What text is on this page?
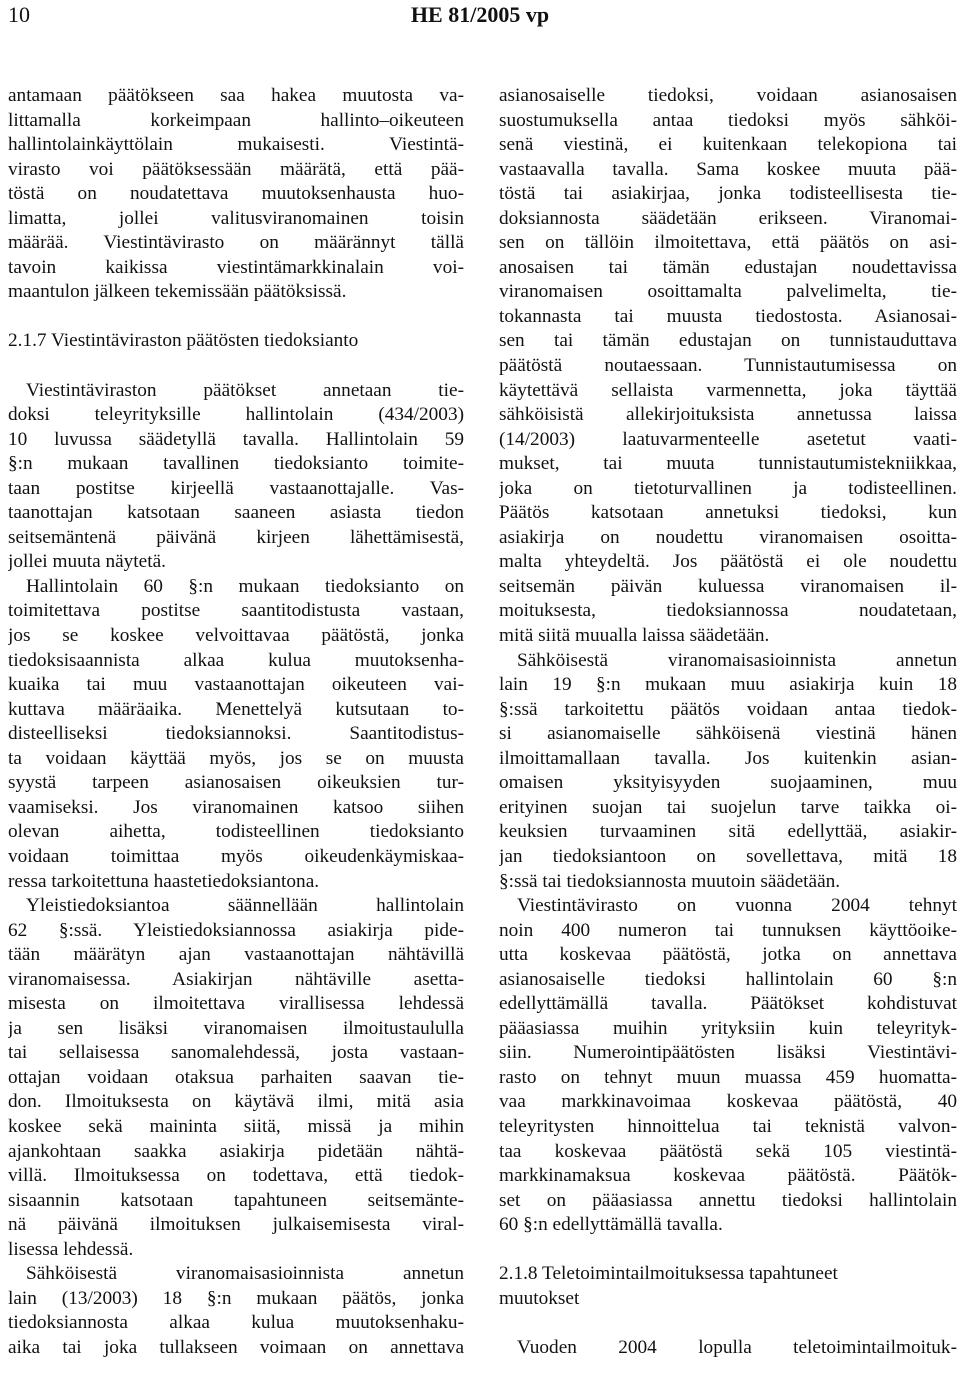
10	HE 81/2005 vp
antamaan päätökseen saa hakea muutosta va-
littamalla korkeimpaan hallinto–oikeuteen
hallintolainkäyttölain mukaisesti. Viestintä-
virasto voi päätöksessään määrätä, että pää-
töstä on noudatettava muutoksenhausta huo-
limatta, jollei valitusviranomainen toisin
määrää. Viestintävirasto on määrännyt tällä
tavoin kaikissa viestintämarkkinalain voi-
maantulon jälkeen tekemissään päätöksissä.
2.1.7 Viestintäviraston päätösten tiedoksianto
Viestintäviraston päätökset annetaan tie-
doksi teleyrityksille hallintolain (434/2003)
10 luvussa säädetyllä tavalla. Hallintolain 59
§:n mukaan tavallinen tiedoksianto toimite-
taan postitse kirjeellä vastaanottajalle. Vas-
taanottajan katsotaan saaneen asiasta tiedon
seitsemäntenä päivänä kirjeen lähettämisestä,
jollei muuta näytetä.
Hallintolain 60 §:n mukaan tiedoksianto on
toimitettava postitse saantitodistusta vastaan,
jos se koskee velvoittavaa päätöstä, jonka
tiedoksisaannista alkaa kulua muutoksenha-
kuaika tai muu vastaanottajan oikeuteen vai-
kuttava määräaika. Menettelyä kutsutaan to-
disteelliseksi tiedoksiannoksi. Saantitodistus-
ta voidaan käyttää myös, jos se on muusta
syystä tarpeen asianosaisen oikeuksien tur-
vaamiseksi. Jos viranomainen katsoo siihen
olevan aihetta, todisteellinen tiedoksianto
voidaan toimittaa myös oikeudenkäymiskaa-
ressa tarkoitettuna haastetiedoksiantona.
Yleistiedoksiantoa säännellään hallintolain
62 §:ssä. Yleistiedoksiannossa asiakirja pide-
tään määrätyn ajan vastaanottajan nähtävillä
viranomaisessa. Asiakirjan nähtäville asetta-
misesta on ilmoitettava virallisessa lehdessä
ja sen lisäksi viranomaisen ilmoitustaululla
tai sellaisessa sanomalehdessä, josta vastaan-
ottajan voidaan otaksua parhaiten saavan tie-
don. Ilmoituksesta on käytävä ilmi, mitä asia
koskee sekä maininta siitä, missä ja mihin
ajankohtaan saakka asiakirja pidetään nähtä-
villä. Ilmoituksessa on todettava, että tiedok-
sisaannin katsotaan tapahtuneen seitsemänte-
nä päivänä ilmoituksen julkaisemisesta viral-
lisessa lehdessä.
Sähköisestä viranomaisasioinnista annetun
lain (13/2003) 18 §:n mukaan päätös, jonka
tiedoksiannosta alkaa kulua muutoksenhaku-
aika tai joka tullakseen voimaan on annettava
asianosaiselle tiedoksi, voidaan asianosaisen
suostumuksella antaa tiedoksi myös sähköi-
senä viestinä, ei kuitenkaan telekopiona tai
vastaavalla tavalla. Sama koskee muuta pää-
töstä tai asiakirjaa, jonka todisteellisesta tie-
doksiannosta säädetään erikseen. Viranomai-
sen on tällöin ilmoitettava, että päätös on asi-
anosaisen tai tämän edustajan noudettavissa
viranomaisen osoittamalta palvelimelta, tie-
tokannasta tai muusta tiedostosta. Asianosai-
sen tai tämän edustajan on tunnistauduttava
päätöstä noutaessaan. Tunnistautumisessa on
käytettävä sellaista varmennetta, joka täyttää
sähköisistä allekirjoituksista annetussa laissa
(14/2003) laatuvarmenteelle asetetut vaati-
mukset, tai muuta tunnistautumistekniikkaa,
joka on tietoturvallinen ja todisteellinen.
Päätös katsotaan annetuksi tiedoksi, kun
asiakirja on noudettu viranomaisen osoitta-
malta yhteydeltä. Jos päätöstä ei ole noudettu
seitsemän päivän kuluessa viranomaisen il-
moituksesta, tiedoksiannossa noudatetaan,
mitä siitä muualla laissa säädetään.
Sähköisestä viranomaisasioinnista annetun
lain 19 §:n mukaan muu asiakirja kuin 18
§:ssä tarkoitettu päätös voidaan antaa tiedok-
si asianomaiselle sähköisenä viestinä hänen
ilmoittamallaan tavalla. Jos kuitenkin asian-
omaisen yksityisyyden suojaaminen, muu
erityinen suojan tai suojelun tarve taikka oi-
keuksien turvaaminen sitä edellyttää, asiakir-
jan tiedoksiantoon on sovellettava, mitä 18
§:ssä tai tiedoksiannosta muutoin säädetään.
Viestintävirasto on vuonna 2004 tehnyt
noin 400 numeron tai tunnuksen käyttöoike-
utta koskevaa päätöstä, jotka on annettava
asianosaiselle tiedoksi hallintolain 60 §:n
edellyttämällä tavalla. Päätökset kohdistuvat
pääasiassa muihin yrityksiin kuin teleyrityk-
siin. Numerointipäätösten lisäksi Viestintävi-
rasto on tehnyt muun muassa 459 huomatta-
vaa markkinavoimaa koskevaa päätöstä, 40
teleyritysten hinnoittelua tai teknistä valvon-
taa koskevaa päätöstä sekä 105 viestintä-
markkinamaksua koskevaa päätöstä. Päätök-
set on pääasiassa annettu tiedoksi hallintolain
60 §:n edellyttämällä tavalla.
2.1.8 Teletoimintailmoituksessa tapahtuneet
muutokset
Vuoden 2004 lopulla teletoimintailmoituk-
